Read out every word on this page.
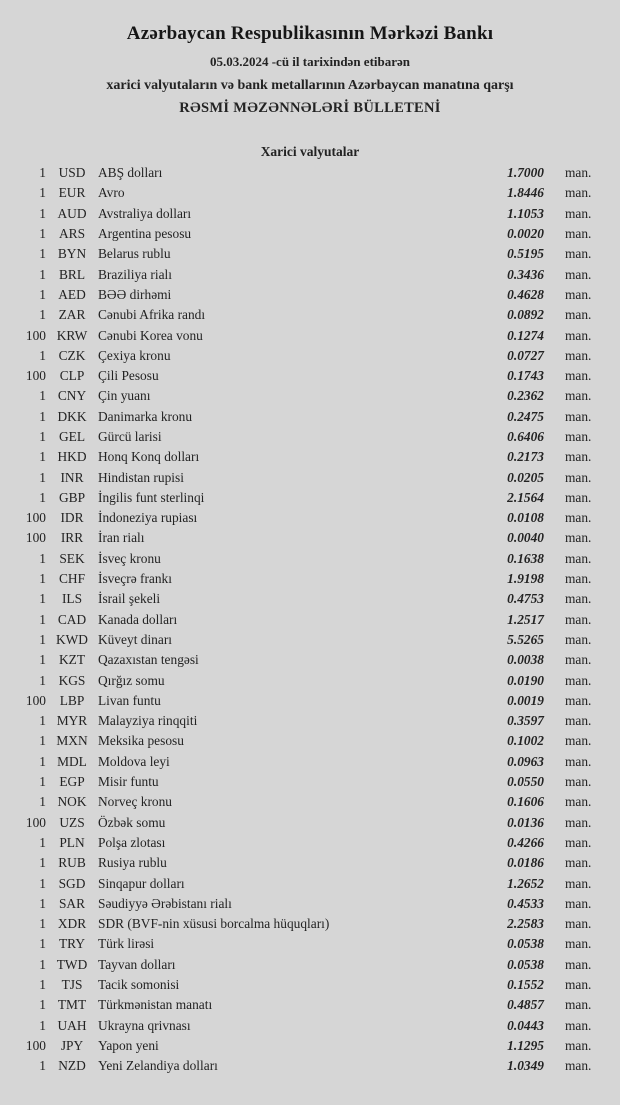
Azərbaycan Respublikasının Mərkəzi Bankı
05.03.2024 -cü il tarixindən etibarən
xarici valyutaların və bank metallarının Azərbaycan manatına qarşı
RƏSMİ MƏZƏNNƏLƏRİ BÜLLETENİ
Xarici valyutalar
1 USD ABŞ dolları	1.7000 man.
1 EUR Avro	1.8446 man.
1 AUD Avstraliya dolları	1.1053 man.
1 ARS Argentina pesosu	0.0020 man.
1 BYN Belarus rublu	0.5195 man.
1 BRL Braziliya rialı	0.3436 man.
1 AED BƏƏ dirhəmi	0.4628 man.
1 ZAR Cənubi Afrika randı	0.0892 man.
100 KRW Cənubi Korea vonu	0.1274 man.
1 CZK Çexiya kronu	0.0727 man.
100	CLP	Çili Pesosu	0.1743 man.
1 CNY Çin yuanı	0.2362 man.
1 DKK Danimarka kronu	0.2475 man.
1 GEL Gürcü larisi	0.6406 man.
1 HKD Honq Konq dolları	0.2173 man.
1	INR	Hindistan rupisi	0.0205 man.
1 GBP İngilis funt sterlinqi	2.1564 man.
100	IDR	İndoneziya rupiası	0.0108 man.
100	IRR	İran rialı	0.0040 man.
1 SEK İsveç kronu	0.1638 man.
1 CHF İsveçrə frankı	1.9198 man.
1	ILS	İsrail şekeli	0.4753 man.
1 CAD Kanada dolları	1.2517 man.
1 KWD Küveyt dinarı	5.5265 man.
1 KZT Qazaxıstan tengəsi	0.0038 man.
1 KGS Qırğız somu	0.0190 man.
100	LBP	Livan funtu	0.0019 man.
1 MYR Malayziya rinqqiti	0.3597 man.
1 MXN Meksika pesosu	0.1002 man.
1 MDL Moldova leyi	0.0963 man.
1 EGP Misir funtu	0.0550 man.
1 NOK Norveç kronu	0.1606 man.
100 UZS Özbək somu	0.0136 man.
1 PLN Polşa zlotası	0.4266 man.
1 RUB Rusiya rublu	0.0186 man.
1 SGD Sinqapur dolları	1.2652 man.
1 SAR Səudiyyə Ərəbistanı rialı	0.4533 man.
1 XDR SDR (BVF-nin xüsusi borcalma hüquqları)	2.2583 man.
1 TRY Türk lirəsi	0.0538 man.
1 TWD Tayvan dolları	0.0538 man.
1	TJS	Tacik somonisi	0.1552 man.
1 TMT Türkmənistan manatı	0.4857 man.
1 UAH Ukrayna qrivnası	0.0443 man.
100	JPY	Yapon yeni	1.1295 man.
1 NZD Yeni Zelandiya dolları	1.0349 man.
